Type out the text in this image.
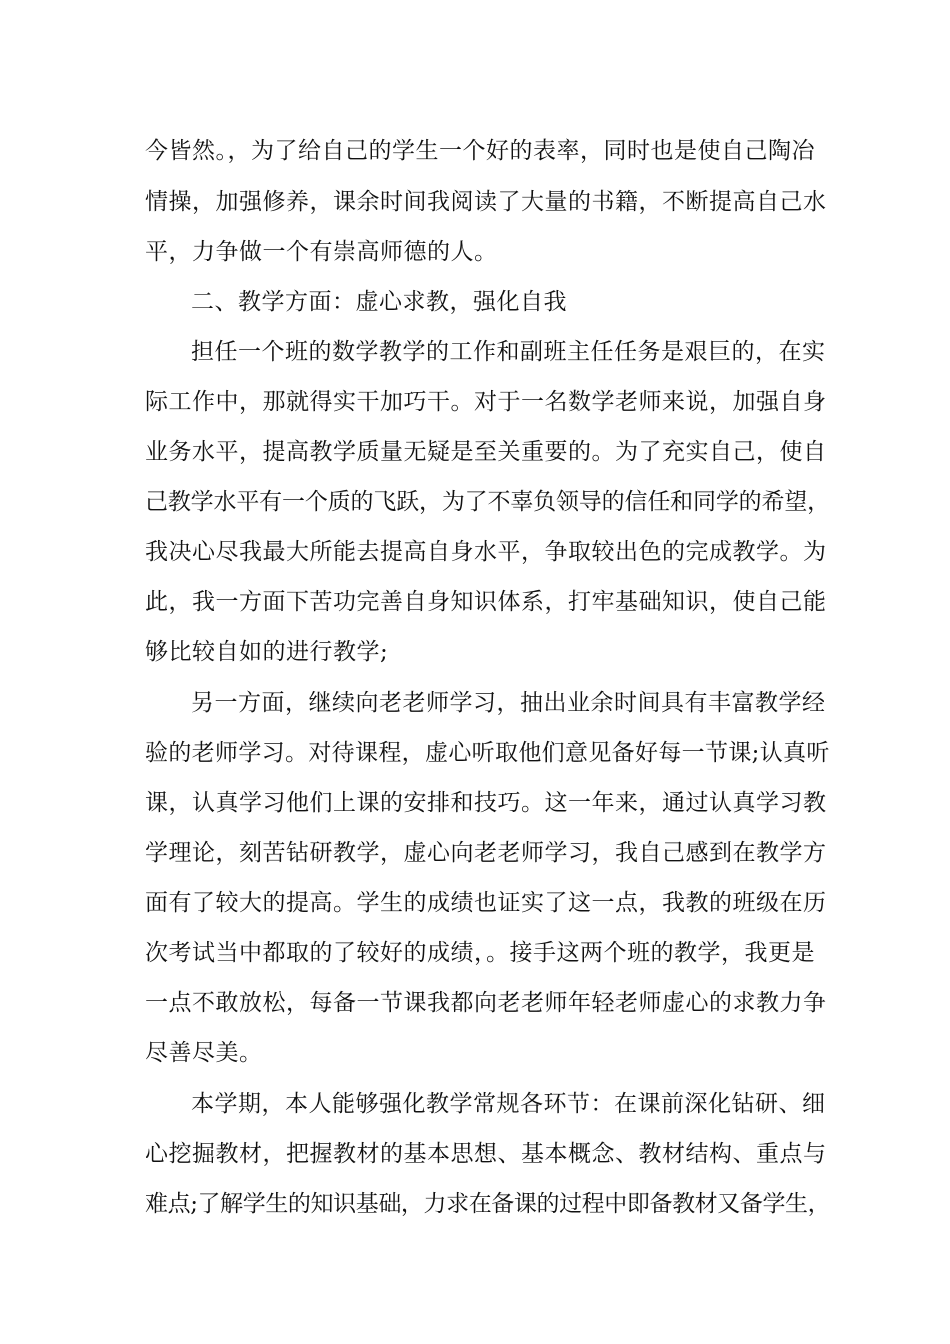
今皆然。，为了给自己的学生一个好的表率，同时也是使自己陶冶
情操，加强修养，课余时间我阅读了大量的书籍，不断提高自己水
平，力争做一个有崇高师德的人。
二、教学方面：虚心求教，强化自我
担任一个班的数学教学的工作和副班主任任务是艰巨的，在实
际工作中，那就得实干加巧干。对于一名数学老师来说，加强自身
业务水平，提高教学质量无疑是至关重要的。为了充实自己，使自
己教学水平有一个质的飞跃，为了不辜负领导的信任和同学的希望，
我决心尽我最大所能去提高自身水平，争取较出色的完成教学。为
此，我一方面下苦功完善自身知识体系，打牢基础知识，使自己能
够比较自如的进行教学;
另一方面，继续向老老师学习，抽出业余时间具有丰富教学经
验的老师学习。对待课程，虚心听取他们意见备好每一节课;认真听
课，认真学习他们上课的安排和技巧。这一年来，通过认真学习教
学理论，刻苦钻研教学，虚心向老老师学习，我自己感到在教学方
面有了较大的提高。学生的成绩也证实了这一点，我教的班级在历
次考试当中都取的了较好的成绩，。接手这两个班的教学，我更是
一点不敢放松，每备一节课我都向老老师年轻老师虚心的求教力争
尽善尽美。
本学期，本人能够强化教学常规各环节：在课前深化钻研、细
心挖掘教材，把握教材的基本思想、基本概念、教材结构、重点与
难点;了解学生的知识基础，力求在备课的过程中即备教材又备学生，
